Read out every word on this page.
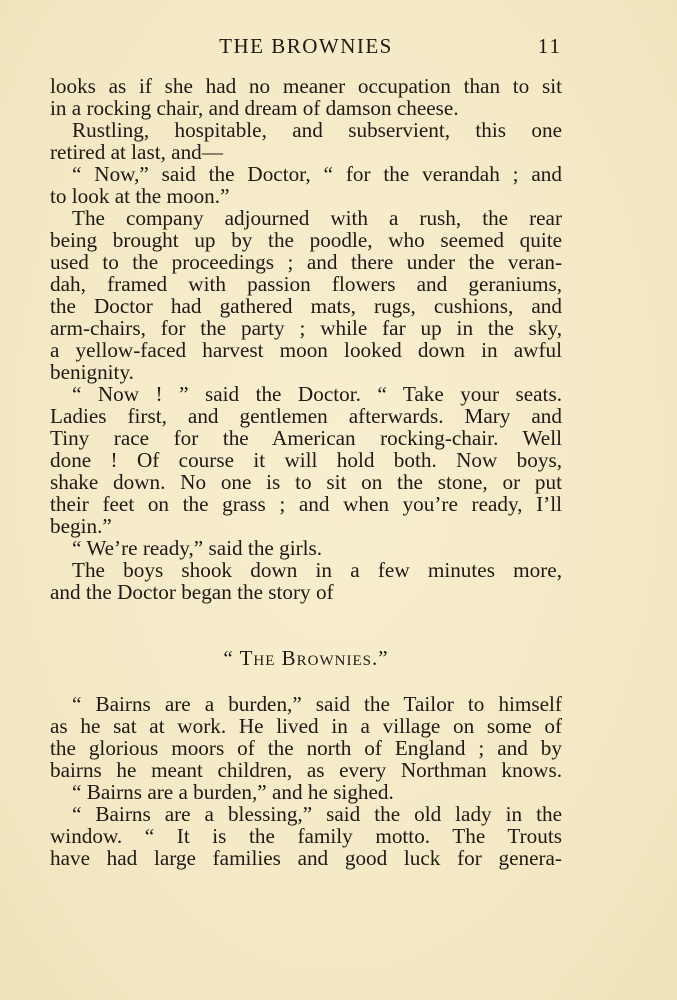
THE BROWNIES	11

looks as if she had no meaner occupation than to sit
in a rocking chair, and dream of damson cheese.

Rustling, hospitable, and subservient, this one
retired at last, and—

“ Now,” said the Doctor, “ for the verandah ; and
to look at the moon.”

The company adjourned with a rush, the rear
being brought up by the poodle, who seemed quite
used to the proceedings ; and there under the veran-
dah, framed with passion flowers and geraniums,
the Doctor had gathered mats, rugs, cushions, and
arm-chairs, for the party ; while far up in the sky,
a yellow-faced harvest moon looked down in awful
benignity.

“ Now ! ” said the Doctor. “ Take your seats.
Ladies first, and gentlemen afterwards. Mary and
Tiny race for the American rocking-chair. Well
done ! Of course it will hold both. Now boys,
shake down. No one is to sit on the stone, or put
their feet on the grass ; and when you’re ready, I’ll
begin.”

“ We’re ready,” said the girls.

The boys shook down in a few minutes more,
and the Doctor began the story of

“ The Brownies.”

“ Bairns are a burden,” said the Tailor to himself
as he sat at work. He lived in a village on some of
the glorious moors of the north of England ; and by
bairns he meant children, as every Northman knows.

“ Bairns are a burden,” and he sighed.

“ Bairns are a blessing,” said the old lady in the
window. “ It is the family motto. The Trouts
have had large families and good luck for genera-
